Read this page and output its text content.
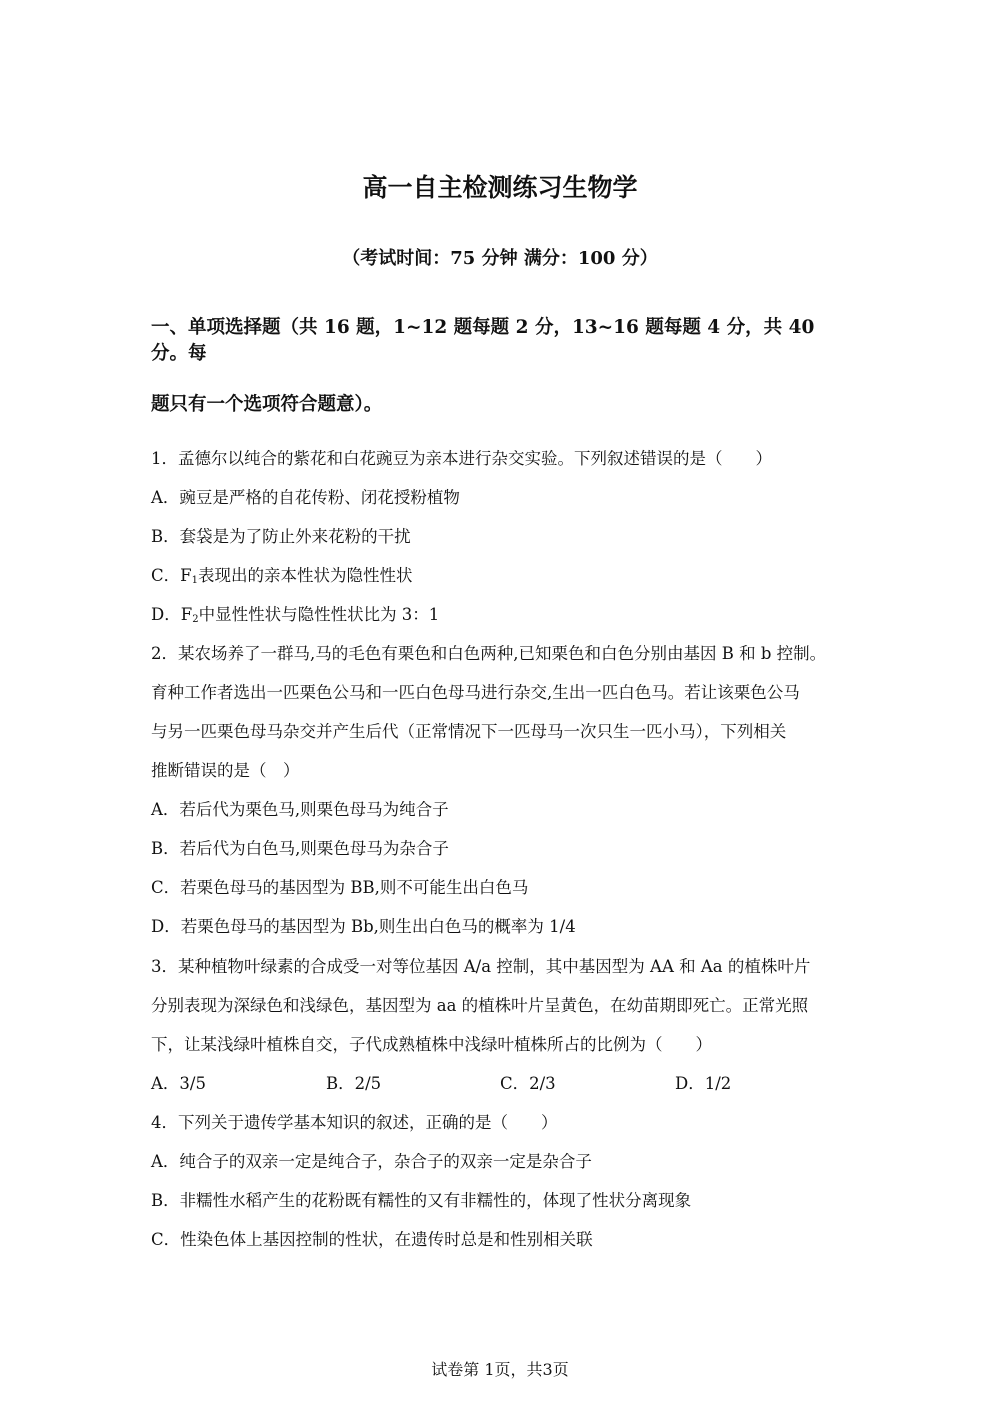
高一自主检测练习生物学
（考试时间：75 分钟 满分：100 分）
一、单项选择题（共 16 题，1~12 题每题 2 分，13~16 题每题 4 分，共 40 分。每
题只有一个选项符合题意）。
1．孟德尔以纯合的紫花和白花豌豆为亲本进行杂交实验。下列叙述错误的是（　　）
A．豌豆是严格的自花传粉、闭花授粉植物
B．套袋是为了防止外来花粉的干扰
C．$F_1$表现出的亲本性状为隐性性状
D．$F_2$中显性性状与隐性性状比为 3：1
2．某农场养了一群马,马的毛色有栗色和白色两种,已知栗色和白色分别由基因 B 和 b 控制。
育种工作者选出一匹栗色公马和一匹白色母马进行杂交,生出一匹白色马。若让该栗色公马
与另一匹栗色母马杂交并产生后代（正常情况下一匹母马一次只生一匹小马），下列相关
推断错误的是（　）
A．若后代为栗色马,则栗色母马为纯合子
B．若后代为白色马,则栗色母马为杂合子
C．若栗色母马的基因型为 BB,则不可能生出白色马
D．若栗色母马的基因型为 Bb,则生出白色马的概率为 1/4
3．某种植物叶绿素的合成受一对等位基因 A/a 控制，其中基因型为 AA 和 Aa 的植株叶片
分别表现为深绿色和浅绿色，基因型为 aa 的植株叶片呈黄色，在幼苗期即死亡。正常光照
下，让某浅绿叶植株自交，子代成熟植株中浅绿叶植株所占的比例为（　　）
A．3/5	B．2/5	C．2/3	D．1/2
4．下列关于遗传学基本知识的叙述，正确的是（　　）
A．纯合子的双亲一定是纯合子，杂合子的双亲一定是杂合子
B．非糯性水稻产生的花粉既有糯性的又有非糯性的，体现了性状分离现象
C．性染色体上基因控制的性状，在遗传时总是和性别相关联
试卷第 1页，共3页
